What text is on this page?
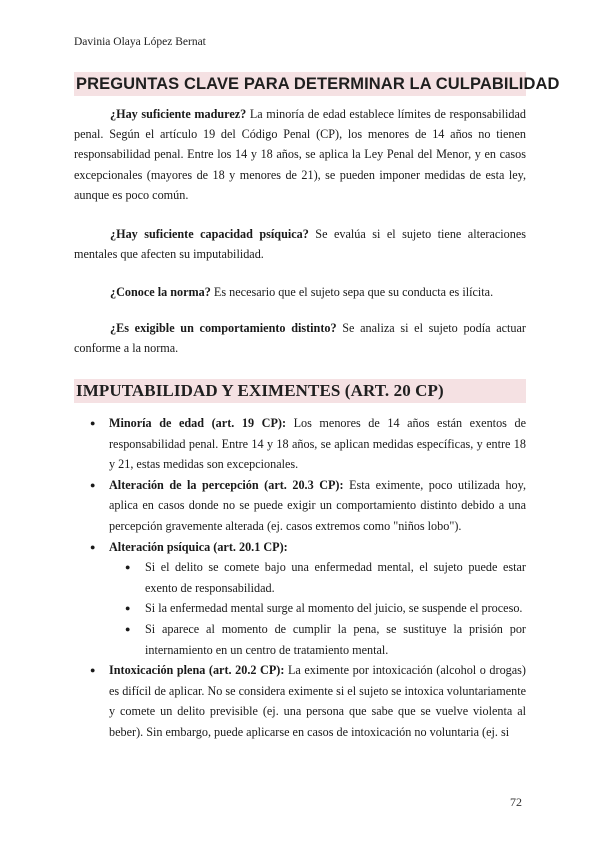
Davinia Olaya López Bernat
PREGUNTAS CLAVE PARA DETERMINAR LA CULPABILIDAD

¿Hay suficiente madurez? La minoría de edad establece límites de responsabilidad penal. Según el artículo 19 del Código Penal (CP), los menores de 14 años no tienen responsabilidad penal. Entre los 14 y 18 años, se aplica la Ley Penal del Menor, y en casos excepcionales (mayores de 18 y menores de 21), se pueden imponer medidas de esta ley, aunque es poco común.

¿Hay suficiente capacidad psíquica? Se evalúa si el sujeto tiene alteraciones mentales que afecten su imputabilidad.

¿Conoce la norma? Es necesario que el sujeto sepa que su conducta es ilícita.

¿Es exigible un comportamiento distinto? Se analiza si el sujeto podía actuar conforme a la norma.

IMPUTABILIDAD Y EXIMENTES (ART. 20 CP)
● Minoría de edad (art. 19 CP): Los menores de 14 años están exentos de responsabilidad penal. Entre 14 y 18 años, se aplican medidas específicas, y entre 18 y 21, estas medidas son excepcionales.
● Alteración de la percepción (art. 20.3 CP): Esta eximente, poco utilizada hoy, aplica en casos donde no se puede exigir un comportamiento distinto debido a una percepción gravemente alterada (ej. casos extremos como "niños lobo").
● Alteración psíquica (art. 20.1 CP):
● Si el delito se comete bajo una enfermedad mental, el sujeto puede estar exento de responsabilidad.
● Si la enfermedad mental surge al momento del juicio, se suspende el proceso.
● Si aparece al momento de cumplir la pena, se sustituye la prisión por internamiento en un centro de tratamiento mental.
● Intoxicación plena (art. 20.2 CP): La eximente por intoxicación (alcohol o drogas) es difícil de aplicar. No se considera eximente si el sujeto se intoxica voluntariamente y comete un delito previsible (ej. una persona que sabe que se vuelve violenta al beber). Sin embargo, puede aplicarse en casos de intoxicación no voluntaria (ej. si
72
